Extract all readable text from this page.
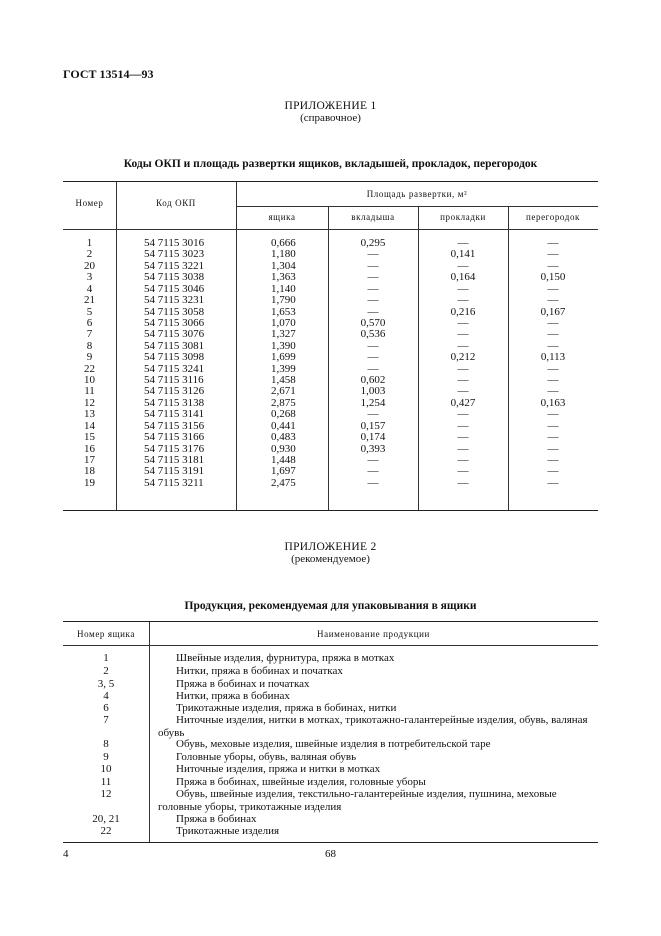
ГОСТ 13514—93
ПРИЛОЖЕНИЕ 1
(справочное)
Коды ОКП и площадь развертки ящиков, вкладышей, прокладок, перегородок
Номер	Код ОКП
Площадь развертки, м²
ящика	вкладыша	прокладки	перегородок
1	54 7115 3016	0,666	0,295	—	—
2	54 7115 3023	1,180	—	0,141	—
20	54 7115 3221	1,304	—	—	—
3	54 7115 3038	1,363	—	0,164	0,150
4	54 7115 3046	1,140	—	—	—
21	54 7115 3231	1,790	—	—	—
5	54 7115 3058	1,653	—	0,216	0,167
6	54 7115 3066	1,070	0,570	—	—
7	54 7115 3076	1,327	0,536	—	—
8	54 7115 3081	1,390	—	—	—
9	54 7115 3098	1,699	—	0,212	0,113
22	54 7115 3241	1,399	—	—	—
10	54 7115 3116	1,458	0,602	—	—
11	54 7115 3126	2,671	1,003	—	—
12	54 7115 3138	2,875	1,254	0,427	0,163
13	54 7115 3141	0,268	—	—	—
14	54 7115 3156	0,441	0,157	—	—
15	54 7115 3166	0,483	0,174	—	—
16	54 7115 3176	0,930	0,393	—	—
17	54 7115 3181	1,448	—	—	—
18	54 7115 3191	1,697	—	—	—
19	54 7115 3211	2,475	—	—	—
ПРИЛОЖЕНИЕ 2
(рекомендуемое)
Продукция, рекомендуемая для упаковывания в ящики
Номер ящика	Наименование продукции
1	Швейные изделия, фурнитура, пряжа в мотках
2	Нитки, пряжа в бобинах и початках
3, 5	Пряжа в бобинах и початках
4	Нитки, пряжа в бобинах
6	Трикотажные изделия, пряжа в бобинах, нитки
7	Ниточные изделия, нитки в мотках, трикотажно-галантерейные изделия, обувь, валяная обувь
8	Обувь, меховые изделия, швейные изделия в потребительской таре
9	Головные уборы, обувь, валяная обувь
10	Ниточные изделия, пряжа и нитки в мотках
11	Пряжа в бобинах, швейные изделия, головные уборы
12	Обувь, швейные изделия, текстильно-галантерейные изделия, пушнина, меховые головные уборы, трикотажные изделия
20, 21	Пряжа в бобинах
22	Трикотажные изделия
4	68
